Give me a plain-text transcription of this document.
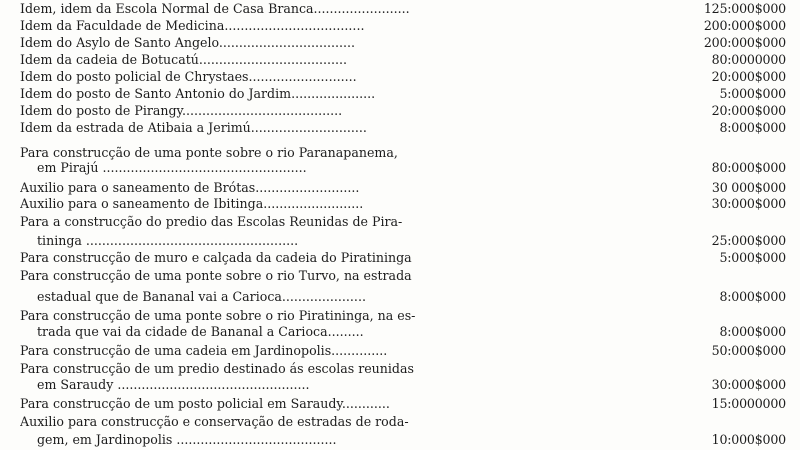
Idem, idem da Escola Normal de Casa Branca........................	125:000$000
Idem da Faculdade de Medicina...................................	200:000$000
Idem do Asylo de Santo Angelo..................................	200:000$000
Idem da cadeia de Botucatú.....................................	80:0000000
Idem do posto policial de Chrystaes...........................	20:000$000
Idem do posto de Santo Antonio do Jardim.....................	5:000$000
Idem do posto de Pirangy........................................	20:000$000
Idem da estrada de Atibaia a Jerimú.............................	8:000$000
Para construcção de uma ponte sobre o rio Paranapanema,
em Pirajú ...................................................	80:000$000
Auxilio para o saneamento de Brótas..........................	30 000$000
Auxilio para o saneamento de Ibitinga.........................	30:000$000
Para a construcção do predio das Escolas Reunidas de Pira-
tininga .....................................................	25:000$000
Para construcção de muro e calçada da cadeia do Piratininga	5:000$000
Para construcção de uma ponte sobre o rio Turvo, na estrada
estadual que de Bananal vai a Carioca.....................	8:000$000
Para construcção de uma ponte sobre o rio Piratininga, na es-
trada que vai da cidade de Bananal a Carioca.........	8:000$000
Para construcção de uma cadeia em Jardinopolis..............	50:000$000
Para construcção de um predio destinado ás escolas reunidas
em Saraudy ................................................	30:000$000
Para construcção de um posto policial em Saraudy............	15:0000000
Auxilio para construcção e conservação de estradas de roda-
gem, em Jardinopolis ........................................	10:000$000
